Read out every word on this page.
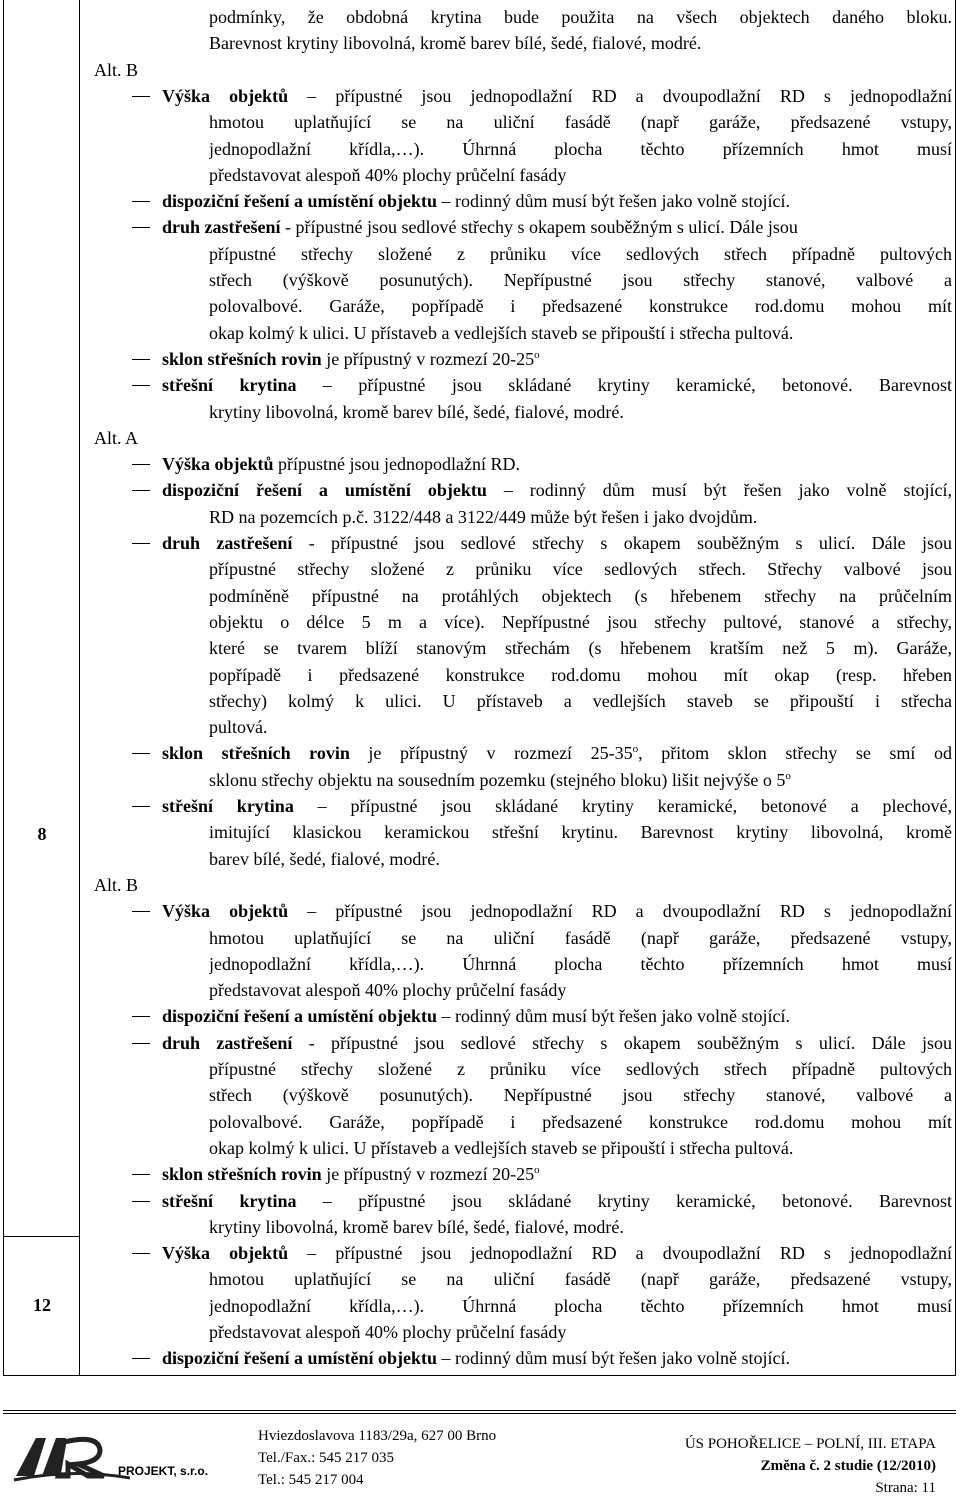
8
12
podmínky, že obdobná krytina bude použita na všech objektech daného bloku.
Barevnost krytiny libovolná, kromě barev bílé, šedé, fialové, modré.
Alt. B
Výška objektů – přípustné jsou jednopodlažní RD a dvoupodlažní RD s jednopodlažní
hmotou uplatňující se na uliční fasádě (např garáže, předsazené vstupy,
jednopodlažní křídla,…). Úhrnná plocha těchto přízemních hmot musí
představovat alespoň 40% plochy průčelní fasády
dispoziční řešení a umístění objektu – rodinný dům musí být řešen jako volně stojící.
druh zastřešení - přípustné jsou sedlové střechy s okapem souběžným s ulicí. Dále jsou
přípustné střechy složené z průniku více sedlových střech případně pultových
střech (výškově posunutých). Nepřípustné jsou střechy stanové, valbové a
polovalbové. Garáže, popřípadě i předsazené konstrukce rod.domu mohou mít
okap kolmý k ulici. U přístaveb a vedlejších staveb se připouští i střecha pultová.
sklon střešních rovin je přípustný v rozmezí 20-25$^o$
střešní krytina – přípustné jsou skládané krytiny keramické, betonové. Barevnost
krytiny libovolná, kromě barev bílé, šedé, fialové, modré.
Alt. A
Výška objektů přípustné jsou jednopodlažní RD.
dispoziční řešení a umístění objektu – rodinný dům musí být řešen jako volně stojící,
RD na pozemcích p.č. 3122/448 a 3122/449 může být řešen i jako dvojdům.
druh zastřešení - přípustné jsou sedlové střechy s okapem souběžným s ulicí. Dále jsou
přípustné střechy složené z průniku více sedlových střech. Střechy valbové jsou
podmíněně přípustné na protáhlých objektech (s hřebenem střechy na průčelním
objektu o délce 5 m a více). Nepřípustné jsou střechy pultové, stanové a střechy,
které se tvarem blíží stanovým střechám (s hřebenem kratším než 5 m). Garáže,
popřípadě i předsazené konstrukce rod.domu mohou mít okap (resp. hřeben
střechy) kolmý k ulici. U přístaveb a vedlejších staveb se připouští i střecha
pultová.
sklon střešních rovin je přípustný v rozmezí 25-35$^o$, přitom sklon střechy se smí od
sklonu střechy objektu na sousedním pozemku (stejného bloku) lišit nejvýše o 5$^o$
střešní krytina – přípustné jsou skládané krytiny keramické, betonové a plechové,
imitující klasickou keramickou střešní krytinu. Barevnost krytiny libovolná, kromě
barev bílé, šedé, fialové, modré.
Alt. B
Výška objektů – přípustné jsou jednopodlažní RD a dvoupodlažní RD s jednopodlažní
hmotou uplatňující se na uliční fasádě (např garáže, předsazené vstupy,
jednopodlažní křídla,…). Úhrnná plocha těchto přízemních hmot musí
představovat alespoň 40% plochy průčelní fasády
dispoziční řešení a umístění objektu – rodinný dům musí být řešen jako volně stojící.
druh zastřešení - přípustné jsou sedlové střechy s okapem souběžným s ulicí. Dále jsou
přípustné střechy složené z průniku více sedlových střech případně pultových
střech (výškově posunutých). Nepřípustné jsou střechy stanové, valbové a
polovalbové. Garáže, popřípadě i předsazené konstrukce rod.domu mohou mít
okap kolmý k ulici. U přístaveb a vedlejších staveb se připouští i střecha pultová.
sklon střešních rovin je přípustný v rozmezí 20-25$^o$
střešní krytina – přípustné jsou skládané krytiny keramické, betonové. Barevnost
krytiny libovolná, kromě barev bílé, šedé, fialové, modré.
Výška objektů – přípustné jsou jednopodlažní RD a dvoupodlažní RD s jednopodlažní
hmotou uplatňující se na uliční fasádě (např garáže, předsazené vstupy,
jednopodlažní křídla,…). Úhrnná plocha těchto přízemních hmot musí
představovat alespoň 40% plochy průčelní fasády
dispoziční řešení a umístění objektu – rodinný dům musí být řešen jako volně stojící.
PROJEKT, s.r.o.
Hviezdoslavova 1183/29a, 627 00 Brno
Tel./Fax.: 545 217 035
Tel.: 545 217 004
ÚS POHOŘELICE – POLNÍ, III. ETAPA
Změna č. 2 studie (12/2010)
Strana: 11
